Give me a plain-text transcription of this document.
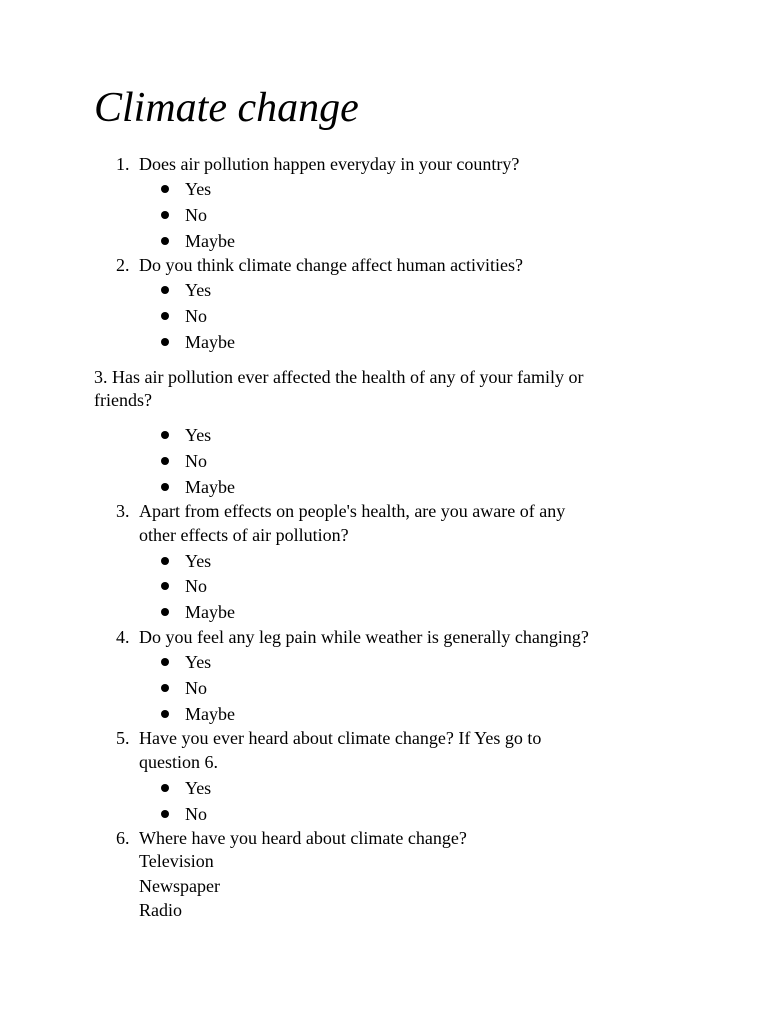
Climate change
1. Does air pollution happen everyday in your country?
Yes
No
Maybe
2. Do you think climate change affect human activities?
Yes
No
Maybe
3. Has air pollution ever affected the health of any of your family or
friends?
Yes
No
Maybe
3. Apart from effects on people's health, are you aware of any
other effects of air pollution?
Yes
No
Maybe
4. Do you feel any leg pain while weather is generally changing?
Yes
No
Maybe
5. Have you ever heard about climate change? If Yes go to
question 6.
Yes
No
6. Where have you heard about climate change?
Television
Newspaper
Radio
